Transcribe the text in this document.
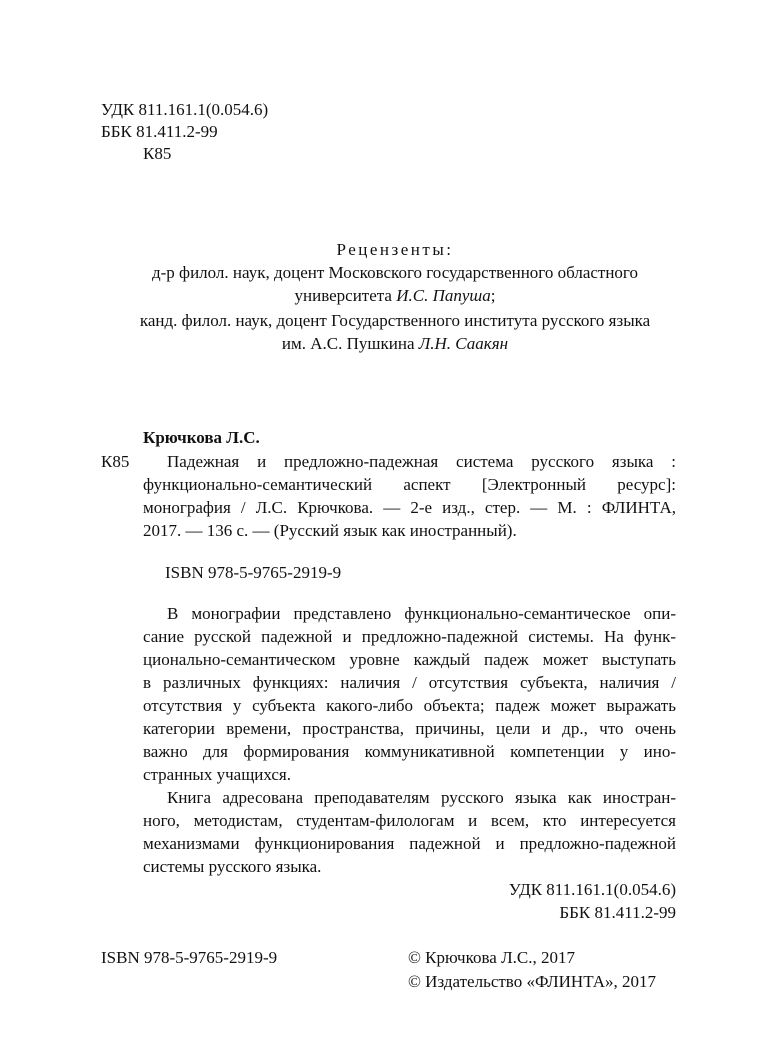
УДК 811.161.1(0.054.6)
ББК 81.411.2-99
К85
Рецензенты:
д-р филол. наук, доцент Московского государственного областного
университета И.С. Папуша;
канд. филол. наук, доцент Государственного института русского языка
им. А.С. Пушкина Л.Н. Саакян
Крючкова Л.С.
К85 Падежная и предложно-падежная система русского языка :
функционально-семантический аспект [Электронный ресурс]:
монография / Л.С. Крючкова. — 2-е изд., стер. — М. : ФЛИНТА,
2017. — 136 с. — (Русский язык как иностранный).
ISBN 978-5-9765-2919-9
В монографии представлено функционально-семантическое опи-
сание русской падежной и предложно-падежной системы. На функ-
ционально-семантическом уровне каждый падеж может выступать
в различных функциях: наличия / отсутствия субъекта, наличия /
отсутствия у субъекта какого-либо объекта; падеж может выражать
категории времени, пространства, причины, цели и др., что очень
важно для формирования коммуникативной компетенции у ино-
странных учащихся.
Книга адресована преподавателям русского языка как иностран-
ного, методистам, студентам-филологам и всем, кто интересуется
механизмами функционирования падежной и предложно-падежной
системы русского языка.
УДК 811.161.1(0.054.6)
ББК 81.411.2-99
ISBN 978-5-9765-2919-9	© Крючкова Л.С., 2017
© Издательство «ФЛИНТА», 2017
